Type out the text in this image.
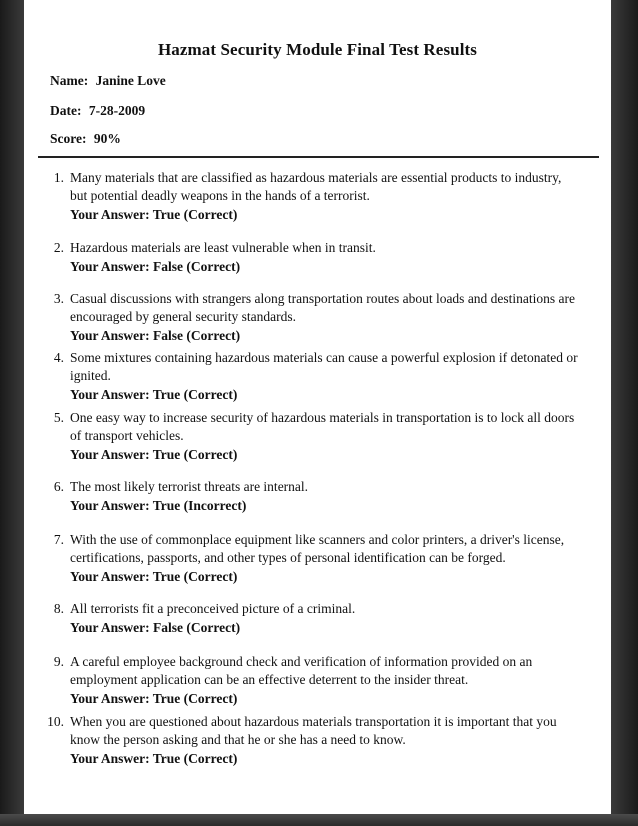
Hazmat Security Module Final Test Results
Name: Janine Love
Date: 7-28-2009
Score: 90%
1. Many materials that are classified as hazardous materials are essential products to industry, but potential deadly weapons in the hands of a terrorist.
Your Answer: True (Correct)
2. Hazardous materials are least vulnerable when in transit.
Your Answer: False (Correct)
3. Casual discussions with strangers along transportation routes about loads and destinations are encouraged by general security standards.
Your Answer: False (Correct)
4. Some mixtures containing hazardous materials can cause a powerful explosion if detonated or ignited.
Your Answer: True (Correct)
5. One easy way to increase security of hazardous materials in transportation is to lock all doors of transport vehicles.
Your Answer: True (Correct)
6. The most likely terrorist threats are internal.
Your Answer: True (Incorrect)
7. With the use of commonplace equipment like scanners and color printers, a driver's license, certifications, passports, and other types of personal identification can be forged.
Your Answer: True (Correct)
8. All terrorists fit a preconceived picture of a criminal.
Your Answer: False (Correct)
9. A careful employee background check and verification of information provided on an employment application can be an effective deterrent to the insider threat.
Your Answer: True (Correct)
10. When you are questioned about hazardous materials transportation it is important that you know the person asking and that he or she has a need to know.
Your Answer: True (Correct)
